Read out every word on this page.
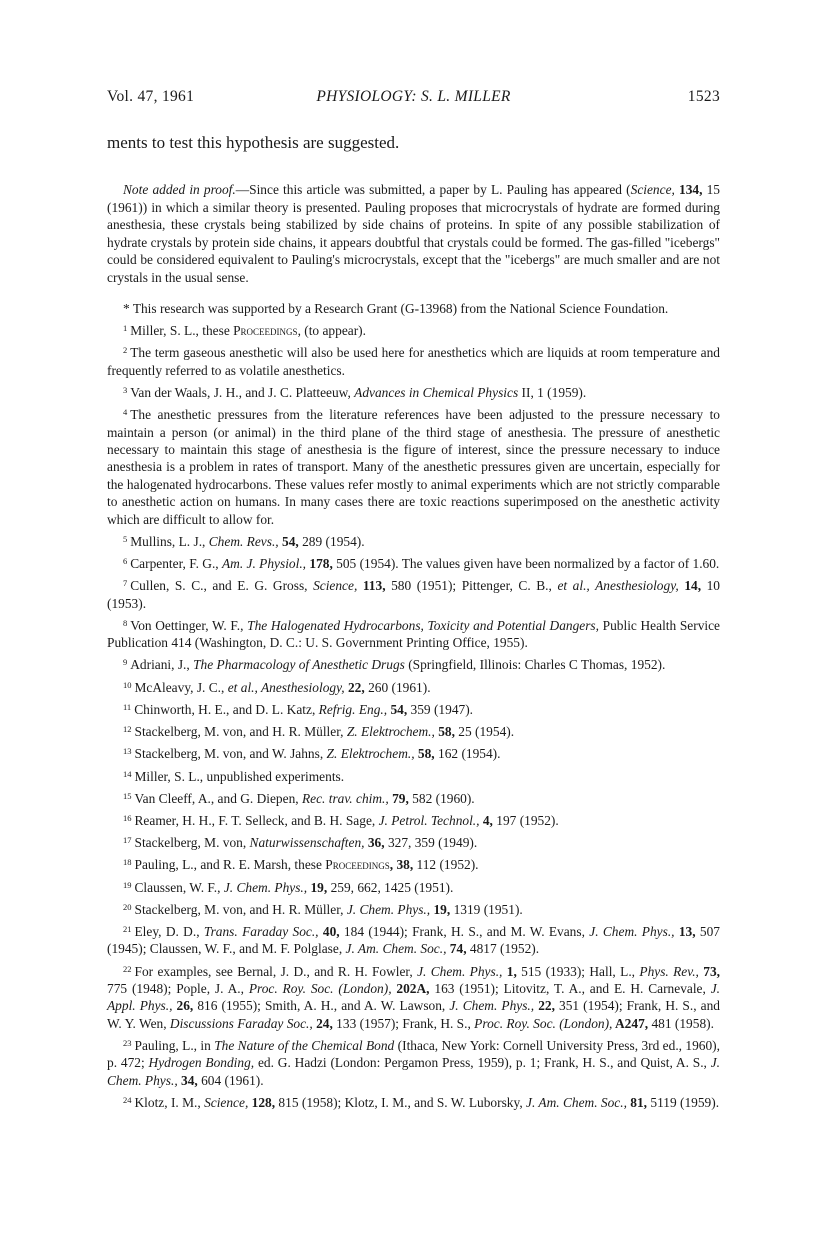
Vol. 47, 1961	PHYSIOLOGY: S. L. MILLER	1523
ments to test this hypothesis are suggested.

Note added in proof.—Since this article was submitted, a paper by L. Pauling has appeared (Science, 134, 15 (1961)) in which a similar theory is presented. Pauling proposes that microcrystals of hydrate are formed during anesthesia, these crystals being stabilized by side chains of proteins. In spite of any possible stabilization of hydrate crystals by protein side chains, it appears doubtful that crystals could be formed. The gas-filled "icebergs" could be considered equivalent to Pauling's microcrystals, except that the "icebergs" are much smaller and are not crystals in the usual sense.

* This research was supported by a Research Grant (G-13968) from the National Science Foundation.

$^1$ Miller, S. L., these Proceedings, (to appear).

$^2$ The term gaseous anesthetic will also be used here for anesthetics which are liquids at room temperature and frequently referred to as volatile anesthetics.

$^3$ Van der Waals, J. H., and J. C. Platteeuw, Advances in Chemical Physics II, 1 (1959).

$^4$ The anesthetic pressures from the literature references have been adjusted to the pressure necessary to maintain a person (or animal) in the third plane of the third stage of anesthesia. The pressure of anesthetic necessary to maintain this stage of anesthesia is the figure of interest, since the pressure necessary to induce anesthesia is a problem in rates of transport. Many of the anesthetic pressures given are uncertain, especially for the halogenated hydrocarbons. These values refer mostly to animal experiments which are not strictly comparable to anesthetic action on humans. In many cases there are toxic reactions superimposed on the anesthetic activity which are difficult to allow for.

$^5$ Mullins, L. J., Chem. Revs., 54, 289 (1954).

$^6$ Carpenter, F. G., Am. J. Physiol., 178, 505 (1954). The values given have been normalized by a factor of 1.60.

$^7$ Cullen, S. C., and E. G. Gross, Science, 113, 580 (1951); Pittenger, C. B., et al., Anesthesiology, 14, 10 (1953).

$^8$ Von Oettinger, W. F., The Halogenated Hydrocarbons, Toxicity and Potential Dangers, Public Health Service Publication 414 (Washington, D. C.: U. S. Government Printing Office, 1955).

$^9$ Adriani, J., The Pharmacology of Anesthetic Drugs (Springfield, Illinois: Charles C Thomas, 1952).

$^{10}$ McAleavy, J. C., et al., Anesthesiology, 22, 260 (1961).

$^{11}$ Chinworth, H. E., and D. L. Katz, Refrig. Eng., 54, 359 (1947).

$^{12}$ Stackelberg, M. von, and H. R. Müller, Z. Elektrochem., 58, 25 (1954).

$^{13}$ Stackelberg, M. von, and W. Jahns, Z. Elektrochem., 58, 162 (1954).

$^{14}$ Miller, S. L., unpublished experiments.

$^{15}$ Van Cleeff, A., and G. Diepen, Rec. trav. chim., 79, 582 (1960).

$^{16}$ Reamer, H. H., F. T. Selleck, and B. H. Sage, J. Petrol. Technol., 4, 197 (1952).

$^{17}$ Stackelberg, M. von, Naturwissenschaften, 36, 327, 359 (1949).

$^{18}$ Pauling, L., and R. E. Marsh, these Proceedings, 38, 112 (1952).

$^{19}$ Claussen, W. F., J. Chem. Phys., 19, 259, 662, 1425 (1951).

$^{20}$ Stackelberg, M. von, and H. R. Müller, J. Chem. Phys., 19, 1319 (1951).

$^{21}$ Eley, D. D., Trans. Faraday Soc., 40, 184 (1944); Frank, H. S., and M. W. Evans, J. Chem. Phys., 13, 507 (1945); Claussen, W. F., and M. F. Polglase, J. Am. Chem. Soc., 74, 4817 (1952).

$^{22}$ For examples, see Bernal, J. D., and R. H. Fowler, J. Chem. Phys., 1, 515 (1933); Hall, L., Phys. Rev., 73, 775 (1948); Pople, J. A., Proc. Roy. Soc. (London), 202A, 163 (1951); Litovitz, T. A., and E. H. Carnevale, J. Appl. Phys., 26, 816 (1955); Smith, A. H., and A. W. Lawson, J. Chem. Phys., 22, 351 (1954); Frank, H. S., and W. Y. Wen, Discussions Faraday Soc., 24, 133 (1957); Frank, H. S., Proc. Roy. Soc. (London), A247, 481 (1958).

$^{23}$ Pauling, L., in The Nature of the Chemical Bond (Ithaca, New York: Cornell University Press, 3rd ed., 1960), p. 472; Hydrogen Bonding, ed. G. Hadzi (London: Pergamon Press, 1959), p. 1; Frank, H. S., and Quist, A. S., J. Chem. Phys., 34, 604 (1961).

$^{24}$ Klotz, I. M., Science, 128, 815 (1958); Klotz, I. M., and S. W. Luborsky, J. Am. Chem. Soc., 81, 5119 (1959).
